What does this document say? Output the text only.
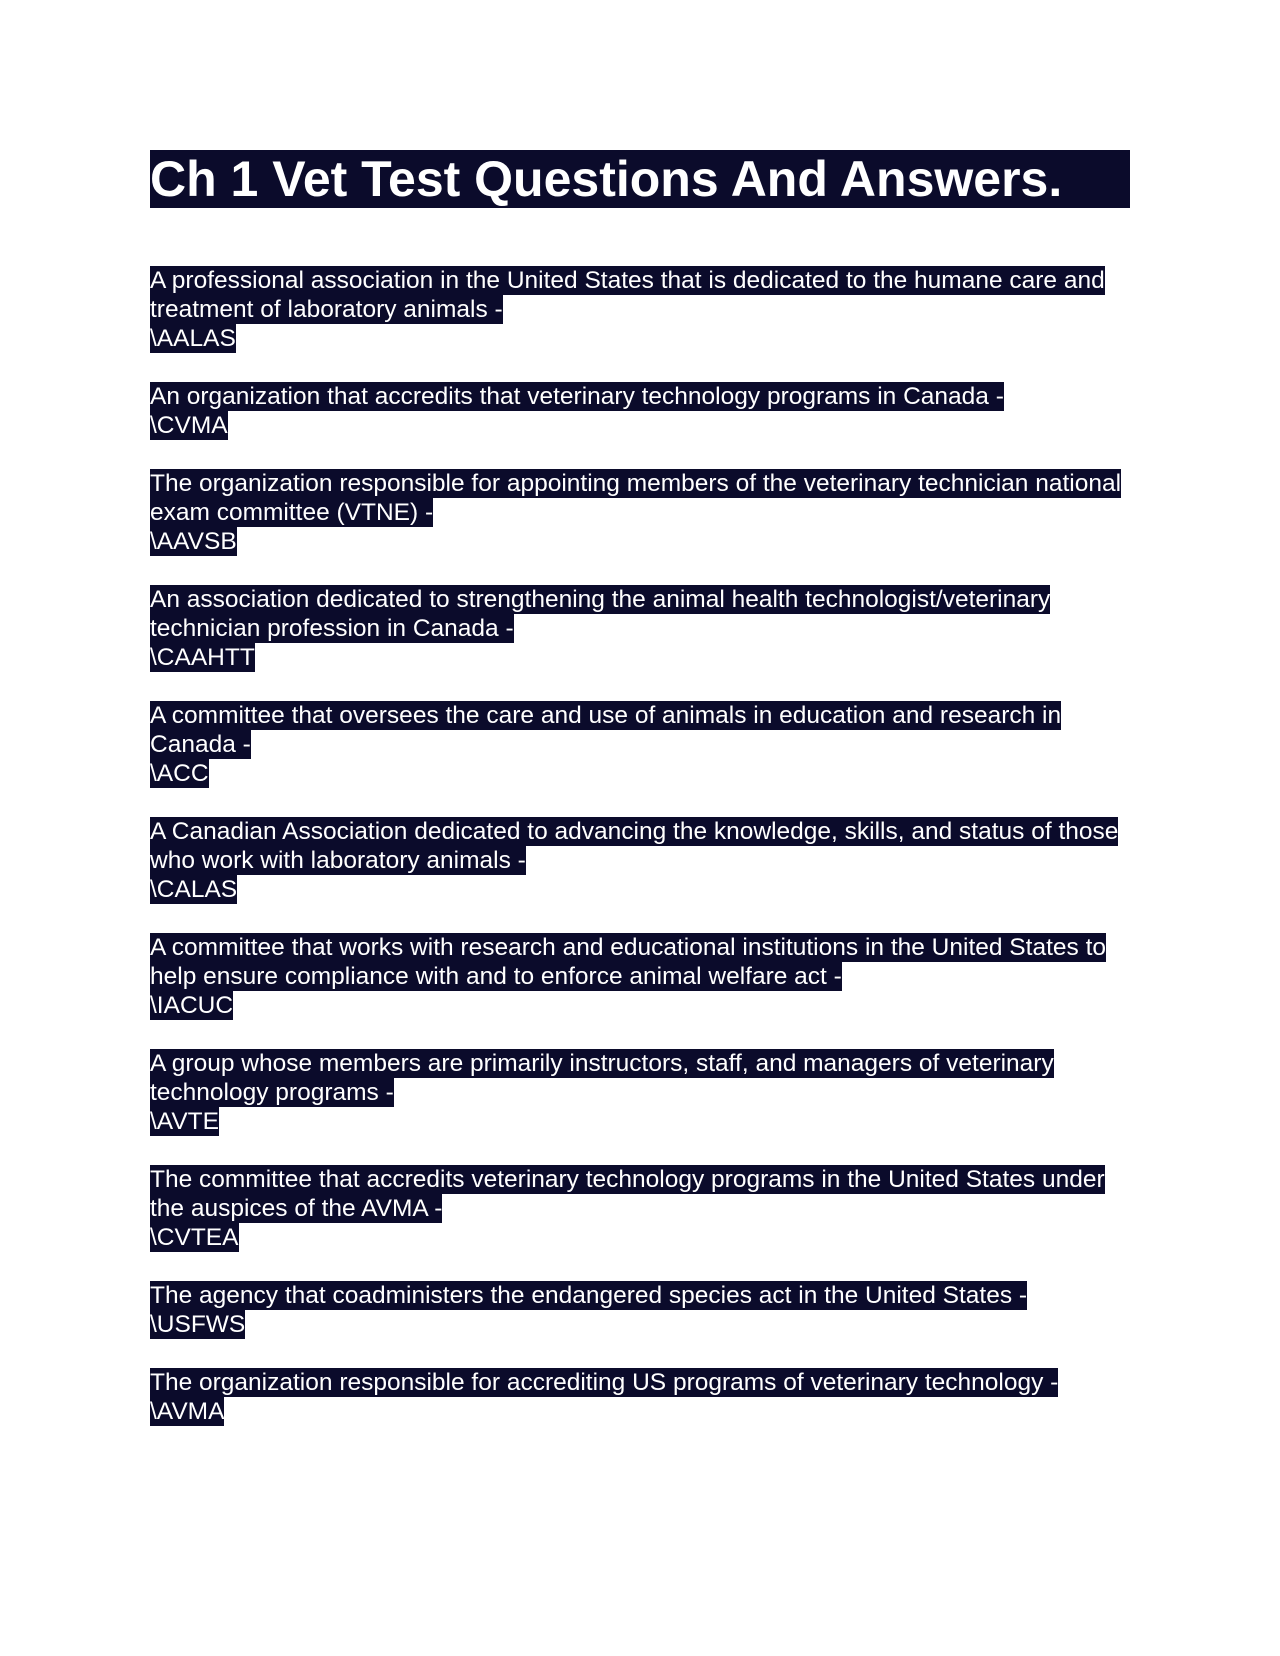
Ch 1 Vet Test Questions And Answers.
A professional association in the United States that is dedicated to the humane care and treatment of laboratory animals -
\AALAS
An organization that accredits that veterinary technology programs in Canada -
\CVMA
The organization responsible for appointing members of the veterinary technician national exam committee (VTNE) -
\AAVSB
An association dedicated to strengthening the animal health technologist/veterinary technician profession in Canada -
\CAAHTT
A committee that oversees the care and use of animals in education and research in Canada -
\ACC
A Canadian Association dedicated to advancing the knowledge, skills, and status of those who work with laboratory animals -
\CALAS
A committee that works with research and educational institutions in the United States to help ensure compliance with and to enforce animal welfare act -
\IACUC
A group whose members are primarily instructors, staff, and managers of veterinary technology programs -
\AVTE
The committee that accredits veterinary technology programs in the United States under the auspices of the AVMA -
\CVTEA
The agency that coadministers the endangered species act in the United States -
\USFWS
The organization responsible for accrediting US programs of veterinary technology -
\AVMA
